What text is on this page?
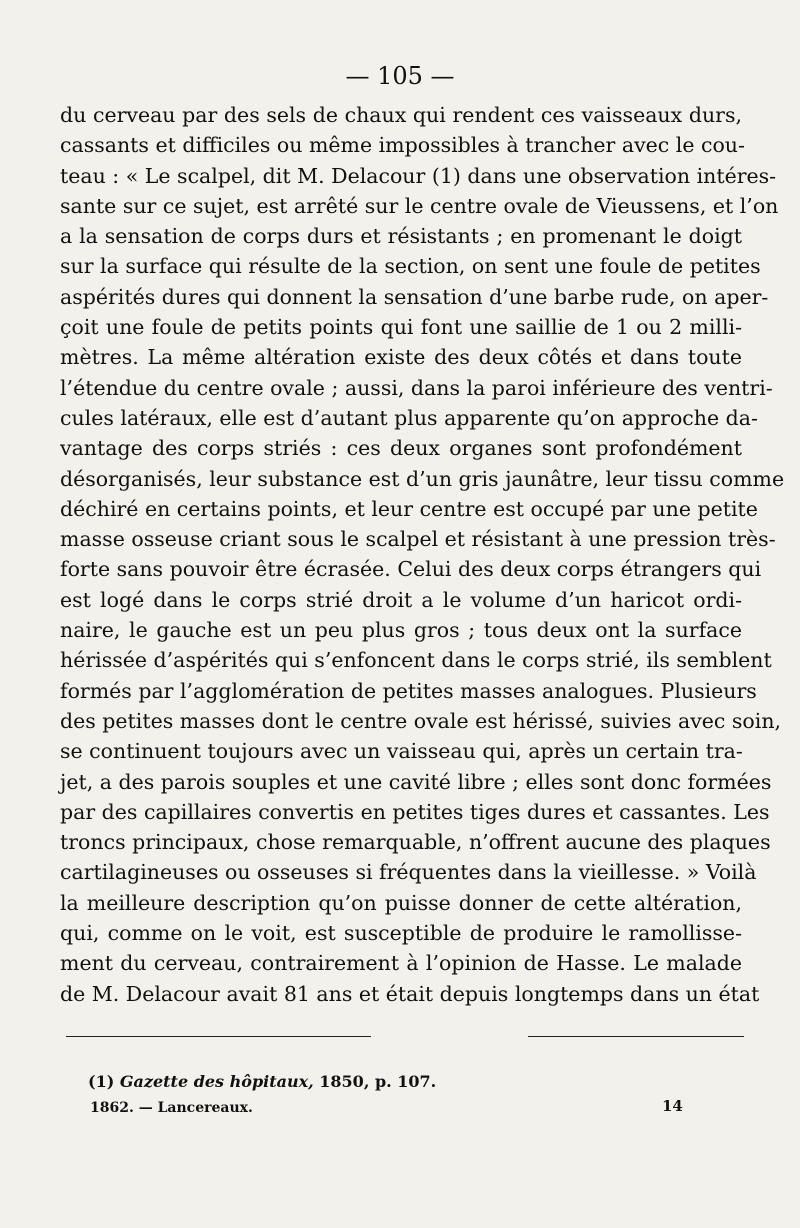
— 105 —
du cerveau par des sels de chaux qui rendent ces vaisseaux durs,
cassants et difficiles ou même impossibles à trancher avec le cou-
teau : « Le scalpel, dit M. Delacour (1) dans une observation intéres-
sante sur ce sujet, est arrêté sur le centre ovale de Vieussens, et l’on
a la sensation de corps durs et résistants ; en promenant le doigt
sur la surface qui résulte de la section, on sent une foule de petites
aspérités dures qui donnent la sensation d’une barbe rude, on aper-
çoit une foule de petits points qui font une saillie de 1 ou 2 milli-
mètres. La même altération existe des deux côtés et dans toute
l’étendue du centre ovale ; aussi, dans la paroi inférieure des ventri-
cules latéraux, elle est d’autant plus apparente qu’on approche da-
vantage des corps striés : ces deux organes sont profondément
désorganisés, leur substance est d’un gris jaunâtre, leur tissu comme
déchiré en certains points, et leur centre est occupé par une petite
masse osseuse criant sous le scalpel et résistant à une pression très-
forte sans pouvoir être écrasée. Celui des deux corps étrangers qui
est logé dans le corps strié droit a le volume d’un haricot ordi-
naire, le gauche est un peu plus gros ; tous deux ont la surface
hérissée d’aspérités qui s’enfoncent dans le corps strié, ils semblent
formés par l’agglomération de petites masses analogues. Plusieurs
des petites masses dont le centre ovale est hérissé, suivies avec soin,
se continuent toujours avec un vaisseau qui, après un certain tra-
jet, a des parois souples et une cavité libre ; elles sont donc formées
par des capillaires convertis en petites tiges dures et cassantes. Les
troncs principaux, chose remarquable, n’offrent aucune des plaques
cartilagineuses ou osseuses si fréquentes dans la vieillesse. » Voilà
la meilleure description qu’on puisse donner de cette altération,
qui, comme on le voit, est susceptible de produire le ramollisse-
ment du cerveau, contrairement à l’opinion de Hasse. Le malade
de M. Delacour avait 81 ans et était depuis longtemps dans un état
(1) Gazette des hôpitaux, 1850, p. 107.
1862. — Lancereaux.	14
